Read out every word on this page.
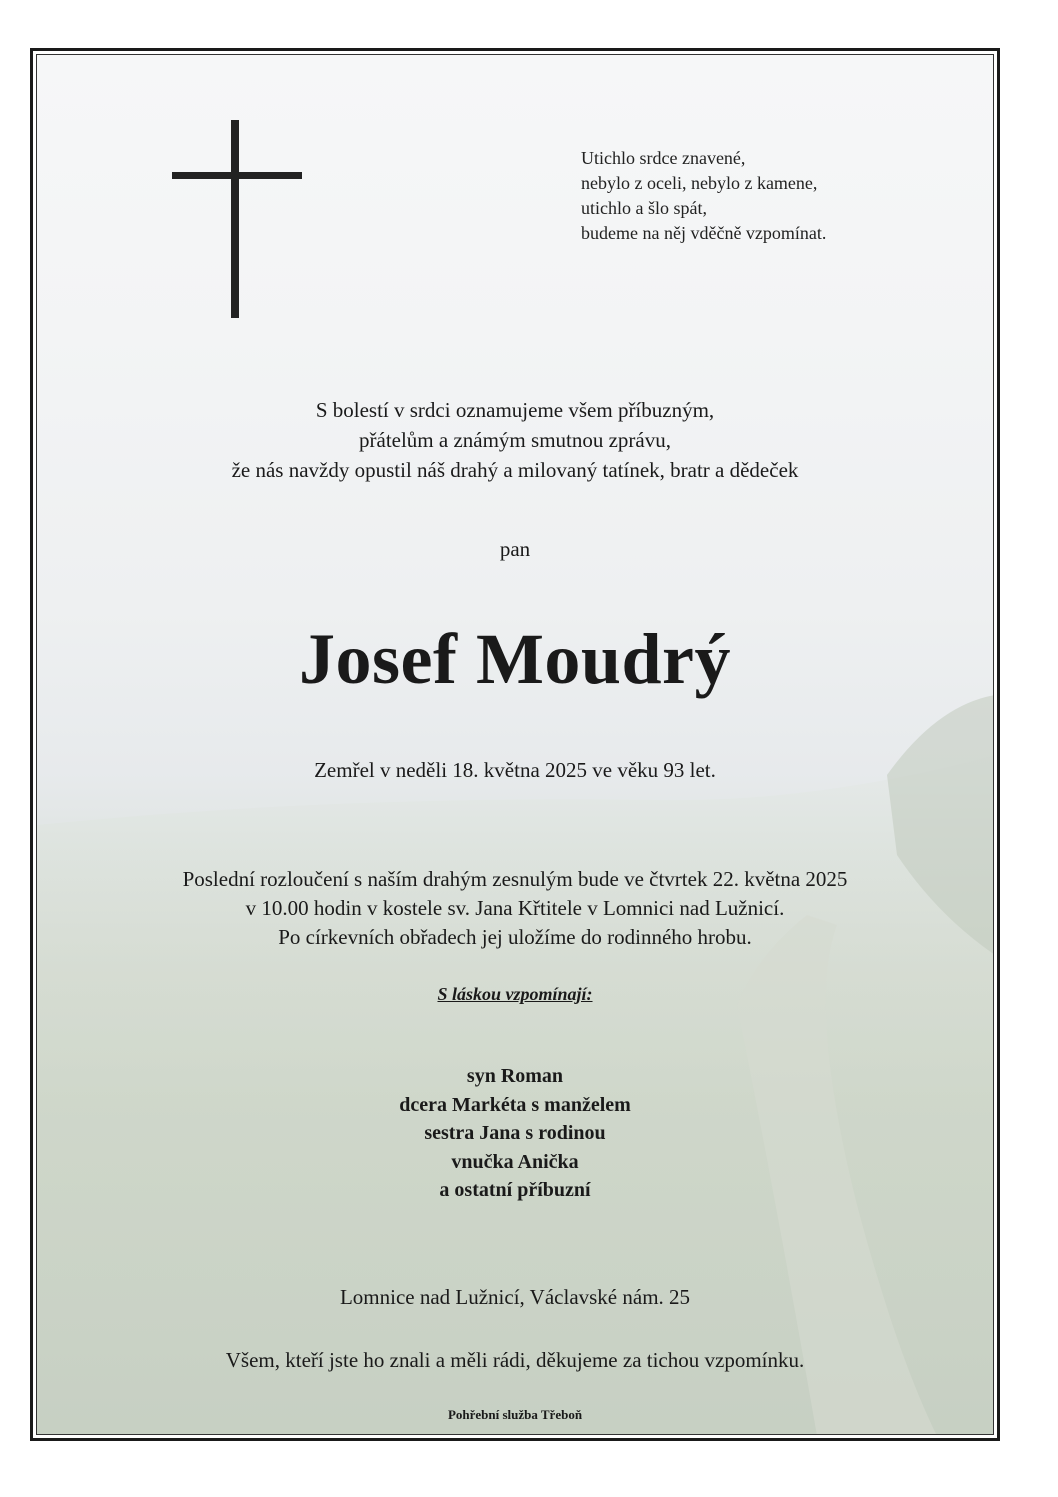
Utichlo srdce znavené,
nebylo z oceli, nebylo z kamene,
utichlo a šlo spát,
budeme na něj vděčně vzpomínat.
S bolestí v srdci oznamujeme všem příbuzným,
přátelům a známým smutnou zprávu,
že nás navždy opustil náš drahý a milovaný tatínek, bratr a dědeček
pan
Josef Moudrý
Zemřel v neděli 18. května 2025 ve věku 93 let.
Poslední rozloučení s naším drahým zesnulým bude ve čtvrtek 22. května 2025
v 10.00 hodin v kostele sv. Jana Křtitele v Lomnici nad Lužnicí.
Po církevních obřadech jej uložíme do rodinného hrobu.
S láskou vzpomínají:
syn Roman
dcera Markéta s manželem
sestra Jana s rodinou
vnučka Anička
a ostatní příbuzní
Lomnice nad Lužnicí, Václavské nám. 25
Všem, kteří jste ho znali a měli rádi, děkujeme za tichou vzpomínku.
Pohřební služba Třeboň
